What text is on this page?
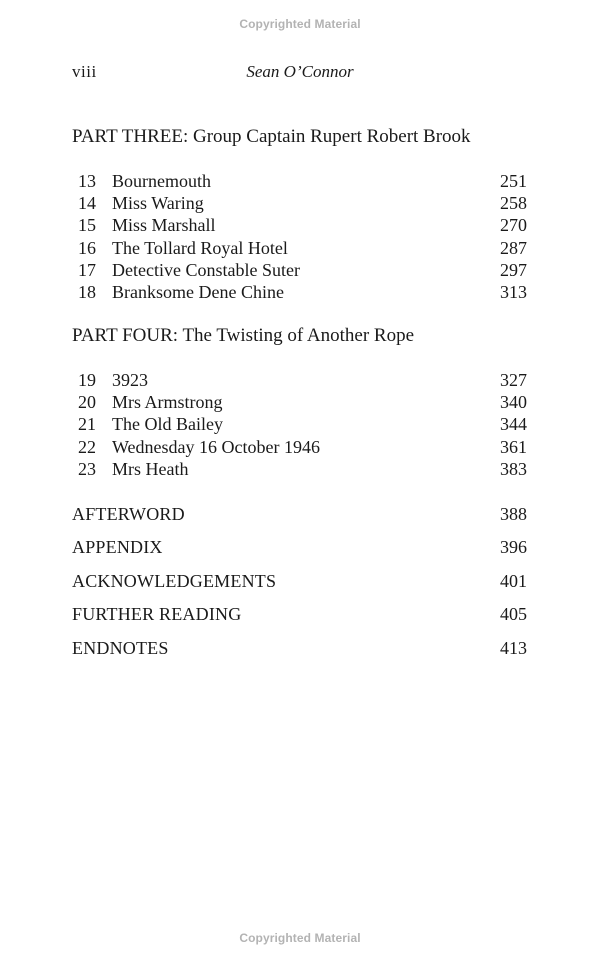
Copyrighted Material
viii	Sean O’Connor
PART THREE: Group Captain Rupert Robert Brook
13 Bournemouth	251
14 Miss Waring	258
15 Miss Marshall	270
16 The Tollard Royal Hotel	287
17 Detective Constable Suter	297
18 Branksome Dene Chine	313
PART FOUR: The Twisting of Another Rope
19 3923	327
20 Mrs Armstrong	340
21 The Old Bailey	344
22 Wednesday 16 October 1946	361
23 Mrs Heath	383
AFTERWORD	388
APPENDIX	396
ACKNOWLEDGEMENTS	401
FURTHER READING	405
ENDNOTES	413
Copyrighted Material
